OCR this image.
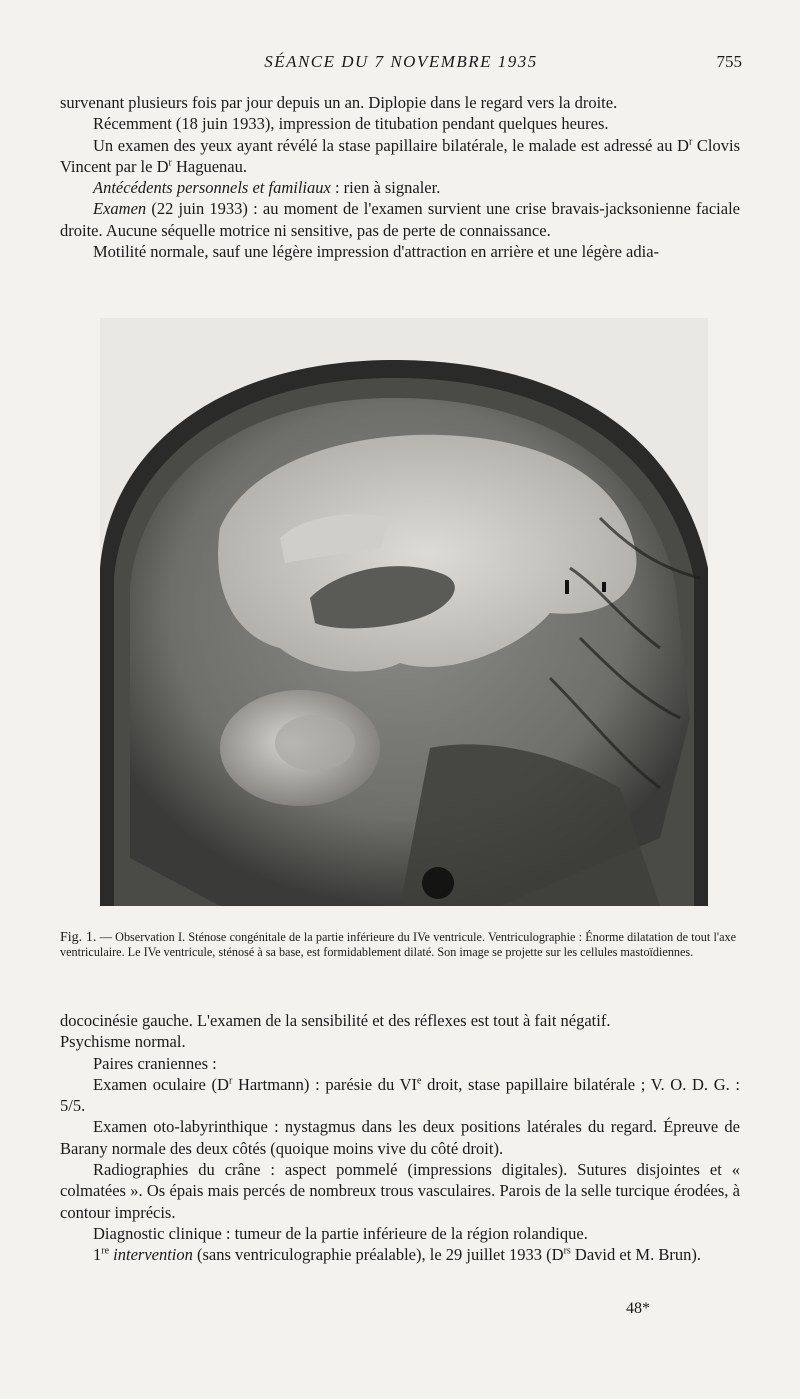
SÉANCE DU 7 NOVEMBRE 1935	755

survenant plusieurs fois par jour depuis un an. Diplopie dans le regard vers la droite.

Récemment (18 juin 1933), impression de titubation pendant quelques heures.

Un examen des yeux ayant révélé la stase papillaire bilatérale, le malade est adressé au $D^r$ Clovis Vincent par le $D^r$ Haguenau.

Antécédents personnels et familiaux : rien à signaler.

Examen (22 juin 1933) : au moment de l'examen survient une crise bravais-jacksonienne faciale droite. Aucune séquelle motrice ni sensitive, pas de perte de connaissance.

Motilité normale, sauf une légère impression d'attraction en arrière et une légère adia-

Fig. 1. — Observation I. Sténose congénitale de la partie inférieure du IVe ventricule. Ventriculographie : Énorme dilatation de tout l'axe ventriculaire. Le IVe ventricule, sténosé à sa base, est formidablement dilaté. Son image se projette sur les cellules mastoïdiennes.

dococinésie gauche. L'examen de la sensibilité et des réflexes est tout à fait négatif.

Psychisme normal.

Paires craniennes :

Examen oculaire ($D^r$ Hartmann) : parésie du VIe droit, stase papillaire bilatérale ; V. O. D. G. : 5/5.

Examen oto-labyrinthique : nystagmus dans les deux positions latérales du regard. Épreuve de Barany normale des deux côtés (quoique moins vive du côté droit).

Radiographies du crâne : aspect pommelé (impressions digitales). Sutures disjointes et « colmatées ». Os épais mais percés de nombreux trous vasculaires. Parois de la selle turcique érodées, à contour imprécis.

Diagnostic clinique : tumeur de la partie inférieure de la région rolandique.

1re intervention (sans ventriculographie préalable), le 29 juillet 1933 ($D^{rs}$ David et M. Brun).

48*
